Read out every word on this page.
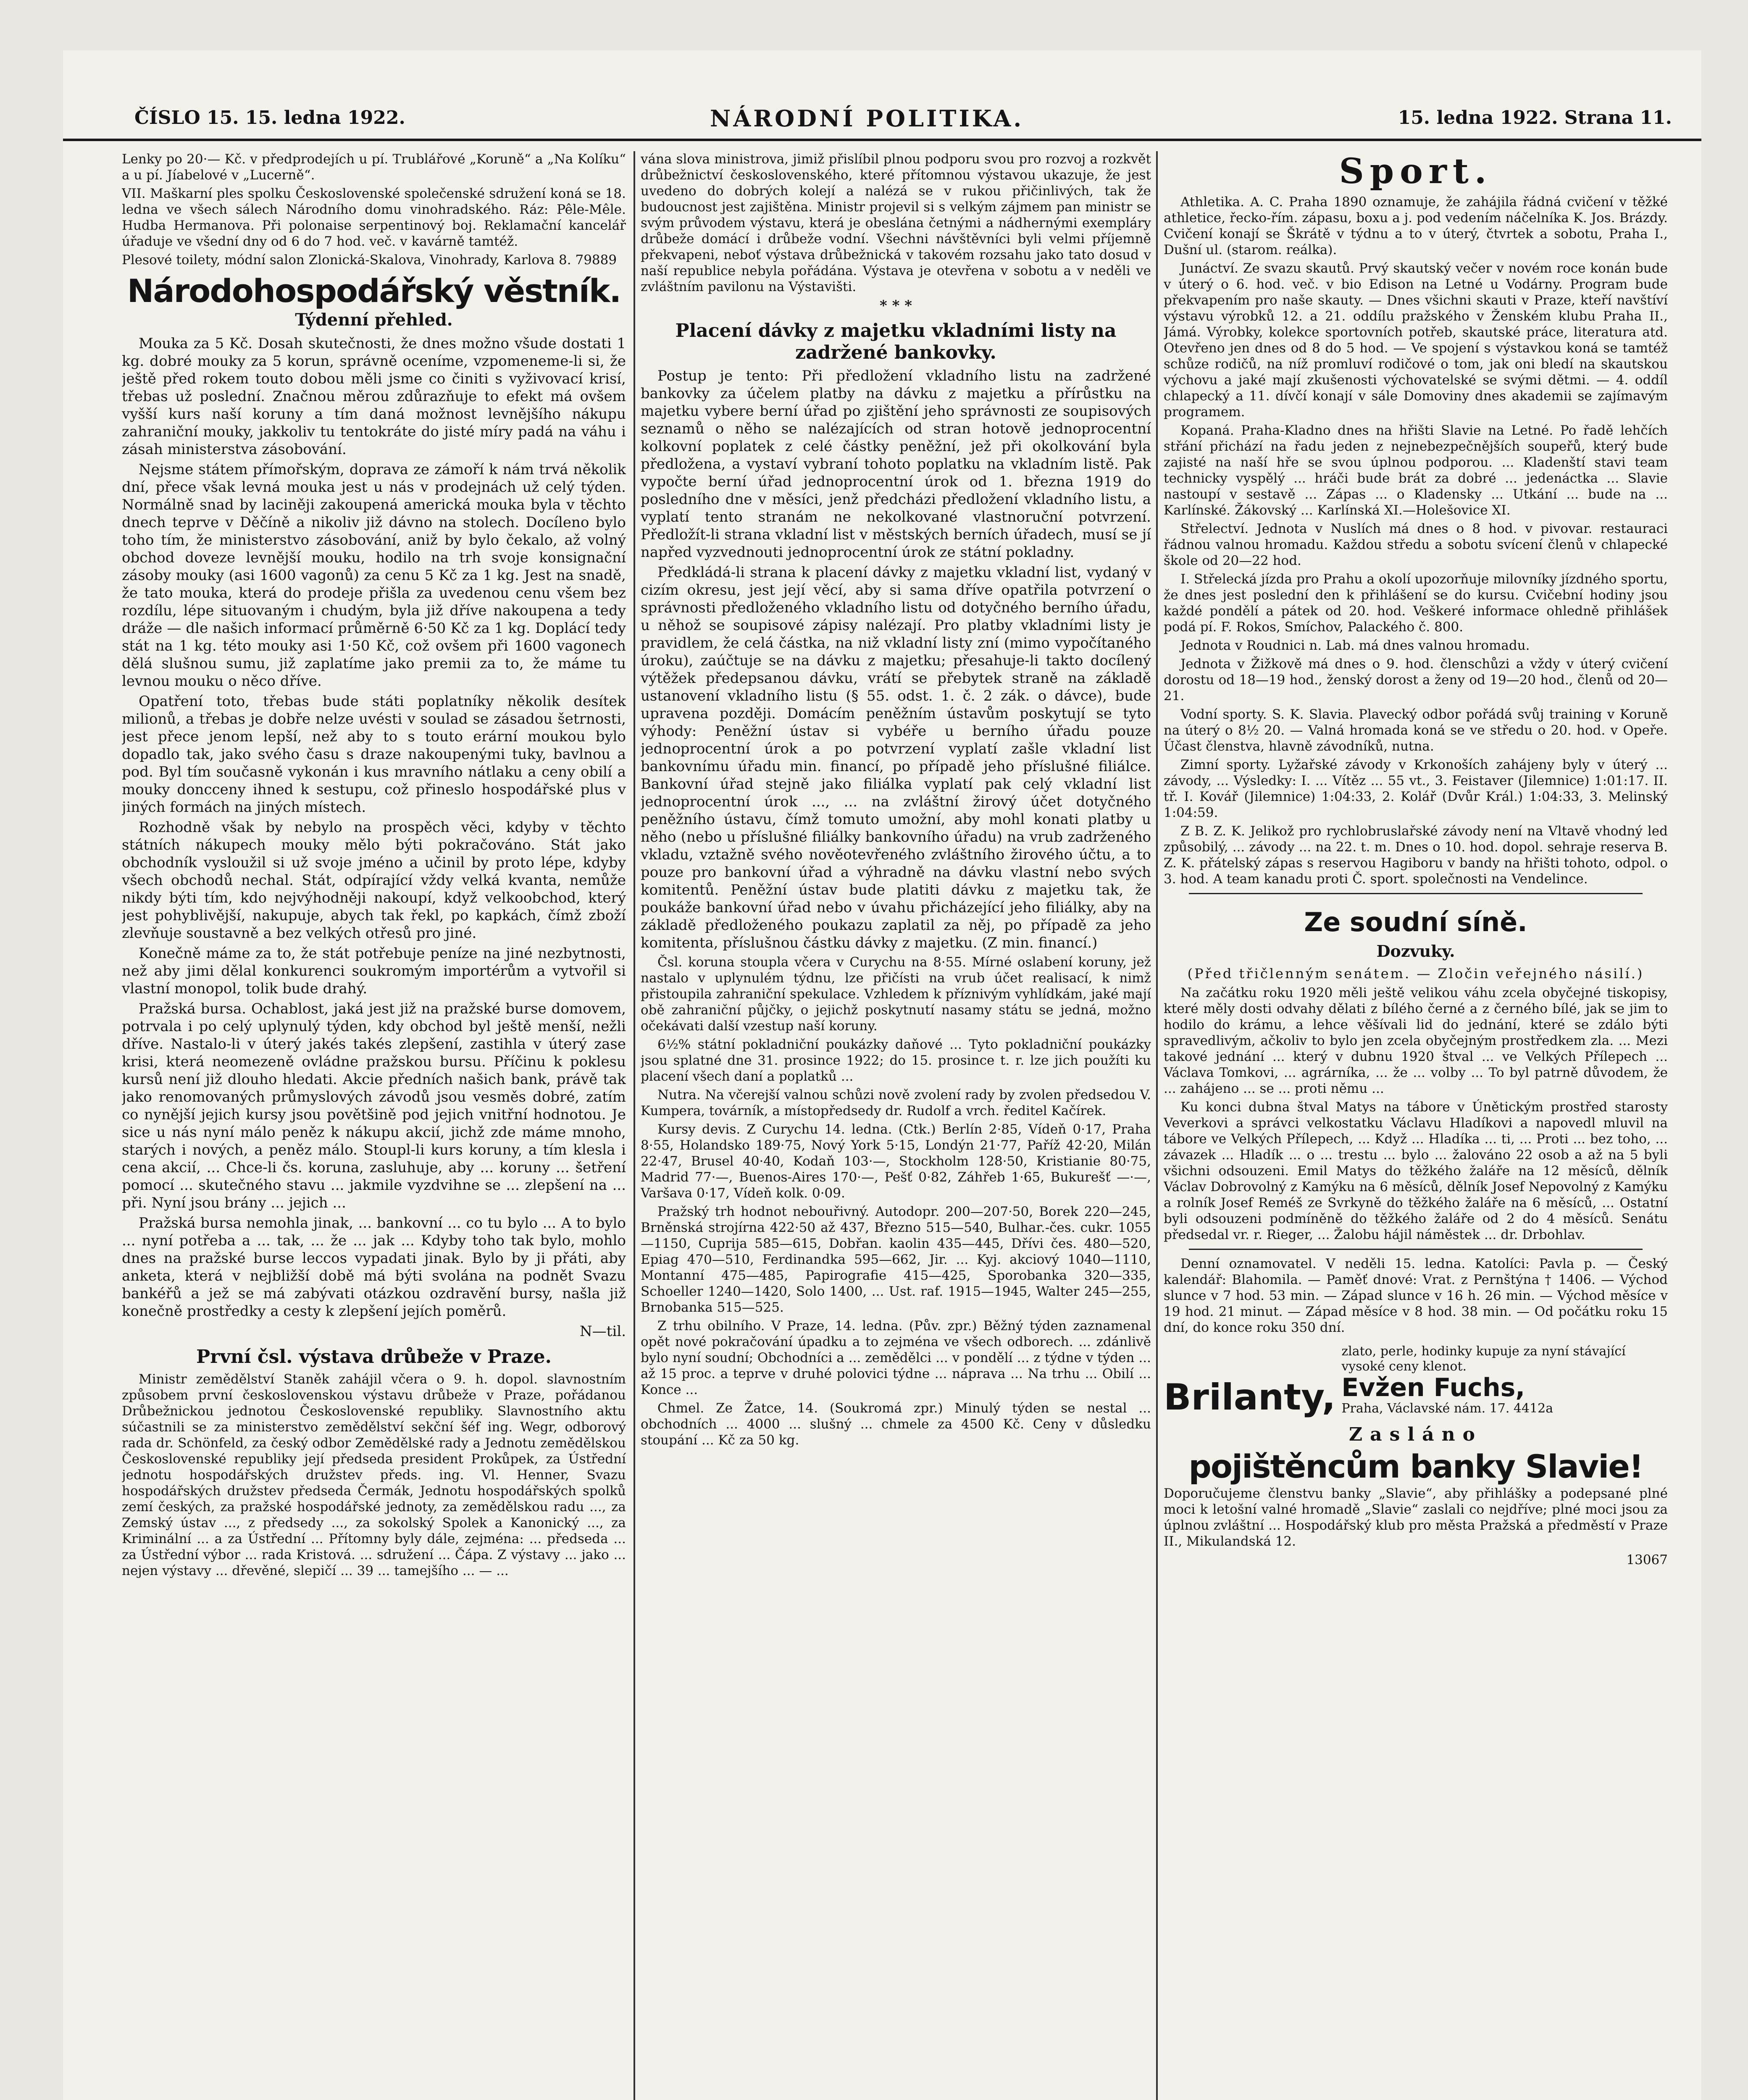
ČÍSLO 15. 15. ledna 1922.	NÁRODNÍ POLITIKA.	15. ledna 1922. Strana 11.

Lenky po 20·— Kč. v předprodejích u pí. Trublářové „Koruně“ a „Na Kolíku“ a u pí. Jíabelové v „Lucerně“.

VII. Maškarní ples spolku Československé společenské sdružení koná se 18. ledna ve všech sálech Národního domu vinohradského. Ráz: Pêle-Mêle. Hudba Hermanova. Při polonaise serpentinový boj. Reklamační kancelář úřaduje ve všední dny od 6 do 7 hod. več. v kavárně tamtéž.

Plesové toilety, módní salon Zlonická-Skalova, Vinohrady, Karlova 8. 79889

Národohospodářský věstník.
Týdenní přehled.

Mouka za 5 Kč. Dosah skutečnosti, že dnes možno všude dostati 1 kg. dobré mouky za 5 korun, správně oceníme, vzpomeneme-li si, že ještě před rokem touto dobou měli jsme co činiti s vyživovací krisí, třebas už poslední. Značnou měrou zdůrazňuje to efekt má ovšem vyšší kurs naší koruny a tím daná možnost levnějšího nákupu zahraniční mouky, jakkoliv tu tentokráte do jisté míry padá na váhu i zásah ministerstva zásobování.

Nejsme státem přímořským, doprava ze zámoří k nám trvá několik dní, přece však levná mouka jest u nás v prodejnách už celý týden. Normálně snad by laciněji zakoupená americká mouka byla v těchto dnech teprve v Děčíně a nikoliv již dávno na stolech. Docíleno bylo toho tím, že ministerstvo zásobování, aniž by bylo čekalo, až volný obchod doveze levnější mouku, hodilo na trh svoje konsignační zásoby mouky (asi 1600 vagonů) za cenu 5 Kč za 1 kg. Jest na snadě, že tato mouka, která do prodeje přišla za uvedenou cenu všem bez rozdílu, lépe situovaným i chudým, byla již dříve nakoupena a tedy dráže — dle našich informací průměrně 6·50 Kč za 1 kg. Doplácí tedy stát na 1 kg. této mouky asi 1·50 Kč, což ovšem při 1600 vagonech dělá slušnou sumu, již zaplatíme jako premii za to, že máme tu levnou mouku o něco dříve.

Opatření toto, třebas bude státi poplatníky několik desítek milionů, a třebas je dobře nelze uvésti v soulad se zásadou šetrnosti, jest přece jenom lepší, než aby to s touto erární moukou bylo dopadlo tak, jako svého času s draze nakoupenými tuky, bavlnou a pod. Byl tím současně vykonán i kus mravního nátlaku a ceny obilí a mouky doncceny ihned k sestupu, což přineslo hospodářské plus v jiných formách na jiných místech.

Rozhodně však by nebylo na prospěch věci, kdyby v těchto státních nákupech mouky mělo býti pokračováno. Stát jako obchodník vysloužil si už svoje jméno a učinil by proto lépe, kdyby všech obchodů nechal. Stát, odpírající vždy velká kvanta, nemůže nikdy býti tím, kdo nejvýhodněji nakoupí, když velkoobchod, který jest pohyblivější, nakupuje, abych tak řekl, po kapkách, čímž zboží zlevňuje soustavně a bez velkých otřesů pro jiné.

Konečně máme za to, že stát potřebuje peníze na jiné nezbytnosti, než aby jimi dělal konkurenci soukromým importérům a vytvořil si vlastní monopol, tolik bude drahý.

Pražská bursa. Ochablost, jaká jest již na pražské burse domovem, potrvala i po celý uplynulý týden, kdy obchod byl ještě menší, nežli dříve. Nastalo-li v úterý jakés takés zlepšení, zastihla v úterý zase krisi, která neomezeně ovládne pražskou bursu. Příčinu k poklesu kursů není již dlouho hledati. Akcie předních našich bank, právě tak jako renomovaných průmyslových závodů jsou vesměs dobré, zatím co nynější jejich kursy jsou povětšině pod jejich vnitřní hodnotou. Je sice u nás nyní málo peněz k nákupu akcií, jichž zde máme mnoho, starých i nových, a peněz málo. Stoupl-li kurs koruny, a tím klesla i cena akcií, ... Chce-li čs. koruna, zasluhuje, aby ... koruny ... šetření pomocí ... skutečného stavu ... jakmile vyzdvihne se ... zlepšení na ... při. Nyní jsou brány ... jejich ...

Pražská bursa nemohla jinak, ... bankovní ... co tu bylo ... A to bylo ... nyní potřeba a ... tak, ... že ... jak ... Kdyby toho tak bylo, mohlo dnes na pražské burse leccos vypadati jinak. Bylo by ji přáti, aby anketa, která v nejbližší době má býti svolána na podnět Svazu bankéřů a jež se má zabývati otázkou ozdravění bursy, našla již konečně prostředky a cesty k zlepšení jejích poměrů.

N—til.

První čsl. výstava drůbeže v Praze.

Ministr zemědělství Staněk zahájil včera o 9. h. dopol. slavnostním způsobem první československou výstavu drůbeže v Praze, pořádanou Drůbežnickou jednotou Československé republiky. Slavnostního aktu súčastnili se za ministerstvo zemědělství sekční šéf ing. Wegr, odborový rada dr. Schönfeld, za český odbor Zemědělské rady a Jednotu zemědělskou Československé republiky její předseda president Prokůpek, za Ústřední jednotu hospodářských družstev předs. ing. Vl. Henner, Svazu hospodářských družstev předseda Čermák, Jednotu hospodářských spolků zemí českých, za pražské hospodářské jednoty, za zemědělskou radu ..., za Zemský ústav ..., z předsedy ..., za sokolský Spolek a Kanonický ..., za Kriminální ... a za Ústřední ... Přítomny byly dále, zejména: ... předseda ... za Ústřední výbor ... rada Kristová. ... sdružení ... Čápa. Z výstavy ... jako ... nejen výstavy ... dřevěné, slepičí ... 39 ... tamejšího ... — ...

vána slova ministrova, jimiž přislíbil plnou podporu svou pro rozvoj a rozkvět drůbežnictví československého, které přítomnou výstavou ukazuje, že jest uvedeno do dobrých kolejí a nalézá se v rukou přičinlivých, tak že budoucnost jest zajištěna. Ministr projevil si s velkým zájmem pan ministr se svým průvodem výstavu, která je obeslána četnými a nádhernými exempláry drůbeže domácí i drůbeže vodní. Všechni návštěvníci byli velmi příjemně překvapeni, neboť výstava drůbežnická v takovém rozsahu jako tato dosud v naší republice nebyla pořádána. Výstava je otevřena v sobotu a v neděli ve zvláštním pavilonu na Výstavišti.

* * *
Placení dávky z majetku vkladními listy na zadržené bankovky.

Postup je tento: Při předložení vkladního listu na zadržené bankovky za účelem platby na dávku z majetku a přírůstku na majetku vybere berní úřad po zjištění jeho správnosti ze soupisových seznamů o něho se nalézajících od stran hotově jednoprocentní kolkovní poplatek z celé částky peněžní, jež při okolkování byla předložena, a vystaví vybraní tohoto poplatku na vkladním listě. Pak vypočte berní úřad jednoprocentní úrok od 1. března 1919 do posledního dne v měsíci, jenž předcházi předložení vkladního listu, a vyplatí tento stranám ne nekolkované vlastnoruční potvrzení. Předložít-li strana vkladní list v městských berních úřadech, musí se jí napřed vyzvednouti jednoprocentní úrok ze státní pokladny.

Předkládá-li strana k placení dávky z majetku vkladní list, vydaný v cizím okresu, jest její věcí, aby si sama dříve opatřila potvrzení o správnosti předloženého vkladního listu od dotyčného berního úřadu, u něhož se soupisové zápisy nalézají. Pro platby vkladními listy je pravidlem, že celá částka, na niž vkladní listy zní (mimo vypočítaného úroku), zaúčtuje se na dávku z majetku; přesahuje-li takto docílený výtěžek předepsanou dávku, vrátí se přebytek straně na základě ustanovení vkladního listu (§ 55. odst. 1. č. 2 zák. o dávce), bude upravena později. Domácím peněžním ústavům poskytují se tyto výhody: Peněžní ústav si vybéře u berního úřadu pouze jednoprocentní úrok a po potvrzení vyplatí zašle vkladní list bankovnímu úřadu min. financí, po případě jeho příslušné filiálce. Bankovní úřad stejně jako filiálka vyplatí pak celý vkladní list jednoprocentní úrok ..., ... na zvláštní žirový účet dotyčného peněžního ústavu, čímž tomuto umožní, aby mohl konati platby u něho (nebo u příslušné filiálky bankovního úřadu) na vrub zadrženého vkladu, vztažně svého nověotevřeného zvláštního žirového účtu, a to pouze pro bankovní úřad a výhradně na dávku vlastní nebo svých komitentů. Peněžní ústav bude platiti dávku z majetku tak, že poukáže bankovní úřad nebo v úvahu přicházející jeho filiálky, aby na základě předloženého poukazu zaplatil za něj, po případě za jeho komitenta, příslušnou částku dávky z majetku. (Z min. financí.)

Čsl. koruna stoupla včera v Curychu na 8·55. Mírné oslabení koruny, jež nastalo v uplynulém týdnu, lze přičísti na vrub účet realisací, k nimž přistoupila zahraniční spekulace. Vzhledem k příznivým vyhlídkám, jaké mají obě zahraniční půjčky, o jejichž poskytnutí nasamy státu se jedná, možno očekávati další vzestup naší koruny.

6½% státní pokladniční poukázky daňové ... Tyto pokladniční poukázky jsou splatné dne 31. prosince 1922; do 15. prosince t. r. lze jich použíti ku placení všech daní a poplatků ...

Nutra. Na včerejší valnou schůzi nově zvolení rady by zvolen předsedou V. Kumpera, továrník, a místopředsedy dr. Rudolf a vrch. ředitel Kačírek.

Kursy devis. Z Curychu 14. ledna. (Ctk.) Berlín 2·85, Vídeň 0·17, Praha 8·55, Holandsko 189·75, Nový York 5·15, Londýn 21·77, Paříž 42·20, Milán 22·47, Brusel 40·40, Kodaň 103·—, Stockholm 128·50, Kristianie 80·75, Madrid 77·—, Buenos-Aires 170·—, Pešť 0·82, Záhřeb 1·65, Bukurešť —·—, Varšava 0·17, Vídeň kolk. 0·09.

Pražský trh hodnot nebouřivný. Autodopr. 200—207·50, Borek 220—245, Brněnská strojírna 422·50 až 437, Březno 515—540, Bulhar.-čes. cukr. 1055—1150, Cuprija 585—615, Dobřan. kaolin 435—445, Dřívi čes. 480—520, Epiag 470—510, Ferdinandka 595—662, Jir. ... Kyj. akciový 1040—1110, Montanní 475—485, Papirografie 415—425, Sporobanka 320—335, Schoeller 1240—1420, Solo 1400, ... Ust. raf. 1915—1945, Walter 245—255, Brnobanka 515—525.

Z trhu obilního. V Praze, 14. ledna. (Pův. zpr.) Běžný týden zaznamenal opět nové pokračování úpadku a to zejména ve všech odborech. ... zdánlivě bylo nyní soudní; Obchodníci a ... zemědělci ... v pondělí ... z týdne v týden ... až 15 proc. a teprve v druhé polovici týdne ... náprava ... Na trhu ... Obilí ... Konce ...

Chmel. Ze Žatce, 14. (Soukromá zpr.) Minulý týden se nestal ... obchodních ... 4000 ... slušný ... chmele za 4500 Kč. Ceny v důsledku stoupání ... Kč za 50 kg.

Sport.

Athletika. A. C. Praha 1890 oznamuje, že zahájila řádná cvičení v těžké athletice, řecko-řím. zápasu, boxu a j. pod vedením náčelníka K. Jos. Brázdy. Cvičení konají se Škrátě v týdnu a to v úterý, čtvrtek a sobotu, Praha I., Dušní ul. (starom. reálka).

Junáctví. Ze svazu skautů. Prvý skautský večer v novém roce konán bude v úterý o 6. hod. več. v bio Edison na Letné u Vodárny. Program bude překvapením pro naše skauty. — Dnes všichni skauti v Praze, kteří navštíví výstavu výrobků 12. a 21. oddílu pražského v Ženském klubu Praha II., Jámá. Výrobky, kolekce sportovních potřeb, skautské práce, literatura atd. Otevřeno jen dnes od 8 do 5 hod. — Ve spojení s výstavkou koná se tamtéž schůze rodičů, na níž promluví rodičové o tom, jak oni bledí na skautskou výchovu a jaké mají zkušenosti výchovatelské se svými dětmi. — 4. oddíl chlapecký a 11. dívčí konají v sále Domoviny dnes akademii se zajímavým programem.

Kopaná. Praha-Kladno dnes na hřišti Slavie na Letné. Po řadě lehčích střání přichází na řadu jeden z nejnebezpečnějších soupeřů, který bude zajisté na naší hře se svou úplnou podporou. ... Kladenští stavi team technicky vyspělý ... hráči bude brát za dobré ... jedenáctka ... Slavie nastoupí v sestavě ... Zápas ... o Kladensky ... Utkání ... bude na ... Karlínské. Žákovský ... Karlínská XI.—Holešovice XI.

Střelectví. Jednota v Nuslích má dnes o 8 hod. v pivovar. restauraci řádnou valnou hromadu. Každou středu a sobotu svícení členů v chlapecké škole od 20—22 hod.

I. Střelecká jízda pro Prahu a okolí upozorňuje milovníky jízdného sportu, že dnes jest poslední den k přihlášení se do kursu. Cvičební hodiny jsou každé pondělí a pátek od 20. hod. Veškeré informace ohledně přihlášek podá pí. F. Rokos, Smíchov, Palackého č. 800.

Jednota v Roudnici n. Lab. má dnes valnou hromadu.

Jednota v Žižkově má dnes o 9. hod. členschůzi a vždy v úterý cvičení dorostu od 18—19 hod., ženský dorost a ženy od 19—20 hod., členů od 20—21.

Vodní sporty. S. K. Slavia. Plavecký odbor pořádá svůj training v Koruně na úterý o 8½ 20. — Valná hromada koná se ve středu o 20. hod. v Opeře. Účast členstva, hlavně závodníků, nutna.

Zimní sporty. Lyžařské závody v Krkonoších zahájeny byly v úterý ... závody, ... Výsledky: I. ... Vítěz ... 55 vt., 3. Feistaver (Jilemnice) 1:01:17. II. tř. I. Kovář (Jilemnice) 1:04:33, 2. Kolář (Dvůr Král.) 1:04:33, 3. Melinský 1:04:59.

Z B. Z. K. Jelikož pro rychlobruslařské závody není na Vltavě vhodný led způsobilý, ... závody ... na 22. t. m. Dnes o 10. hod. dopol. sehraje reserva B. Z. K. přátelský zápas s reservou Hagiboru v bandy na hřišti tohoto, odpol. o 3. hod. A team kanadu proti Č. sport. společnosti na Vendelince.

Ze soudní síně.
Dozvuky.
(Před třičlenným senátem. — Zločin veřejného násilí.)

Na začátku roku 1920 měli ještě velikou váhu zcela obyčejné tiskopisy, které měly dosti odvahy dělati z bílého černé a z černého bílé, jak se jim to hodilo do krámu, a lehce věšívali lid do jednání, které se zdálo býti spravedlivým, ačkoliv to bylo jen zcela obyčejným prostředkem zla. ... Mezi takové jednání ... který v dubnu 1920 štval ... ve Velkých Přílepech ... Václava Tomkovi, ... agrárníka, ... že ... volby ... To byl patrně důvodem, že ... zahájeno ... se ... proti němu ...

Ku konci dubna štval Matys na tábore v Únětickým prostřed starosty Veverkovi a správci velkostatku Václavu Hladíkovi a napovedl mluvil na tábore ve Velkých Přílepech, ... Když ... Hladíka ... ti, ... Proti ... bez toho, ... závazek ... Hladík ... o ... trestu ... bylo ... žalováno 22 osob a až na 5 byli všichni odsouzeni. Emil Matys do těžkého žaláře na 12 měsíců, dělník Václav Dobrovolný z Kamýku na 6 měsíců, dělník Josef Nepovolný z Kamýku a rolník Josef Reméš ze Svrkyně do těžkého žaláře na 6 měsíců, ... Ostatní byli odsouzeni podmíněně do těžkého žaláře od 2 do 4 měsíců. Senátu předsedal vr. r. Rieger, ... Žalobu hájil náměstek ... dr. Drbohlav.

Denní oznamovatel. V neděli 15. ledna. Katolíci: Pavla p. — Český kalendář: Blahomila. — Paměť dnové: Vrat. z Pernštýna † 1406. — Východ slunce v 7 hod. 53 min. — Západ slunce v 16 h. 26 min. — Východ měsíce v 19 hod. 21 minut. — Západ měsíce v 8 hod. 38 min. — Od počátku roku 15 dní, do konce roku 350 dní.

Brilanty,
zlato, perle, hodinky kupuje za nyní stávající vysoké ceny klenot.
Evžen Fuchs,
Praha, Václavské nám. 17. 4412a
Zasláno
pojištěncům banky Slavie!

Doporučujeme členstvu banky „Slavie“, aby přihlášky a podepsané plné moci k letošní valné hromadě „Slavie“ zaslali co nejdříve; plné moci jsou za úplnou zvláštní ... Hospodářský klub pro města Pražská a předměstí v Praze II., Mikulandská 12.

13067
